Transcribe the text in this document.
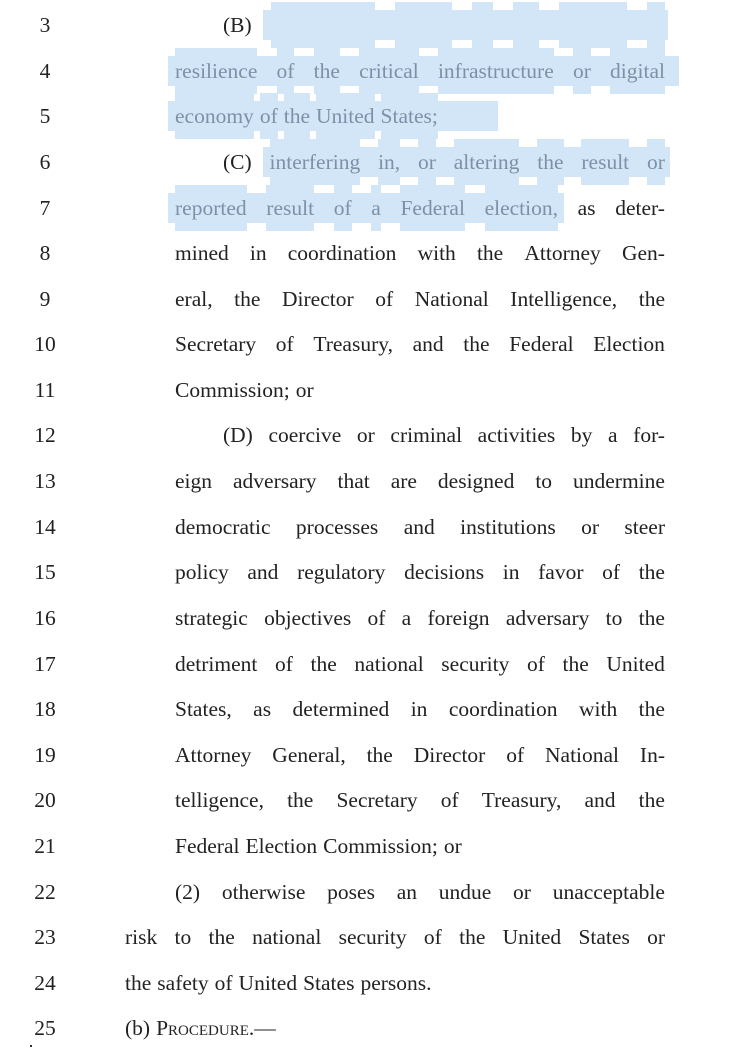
3	(B)
4	resilience of the critical infrastructure or digital
5	economy of the United States;
6	(C) interfering in, or altering the result or
7	reported result of a Federal election, as deter-
8	mined in coordination with the Attorney Gen-
9	eral, the Director of National Intelligence, the
10	Secretary of Treasury, and the Federal Election
11	Commission; or
12	(D) coercive or criminal activities by a for-
13	eign adversary that are designed to undermine
14	democratic processes and institutions or steer
15	policy and regulatory decisions in favor of the
16	strategic objectives of a foreign adversary to the
17	detriment of the national security of the United
18	States, as determined in coordination with the
19	Attorney General, the Director of National In-
20	telligence, the Secretary of Treasury, and the
21	Federal Election Commission; or
22	(2) otherwise poses an undue or unacceptable
23	risk to the national security of the United States or
24	the safety of United States persons.
25	(b) Procedure.—
